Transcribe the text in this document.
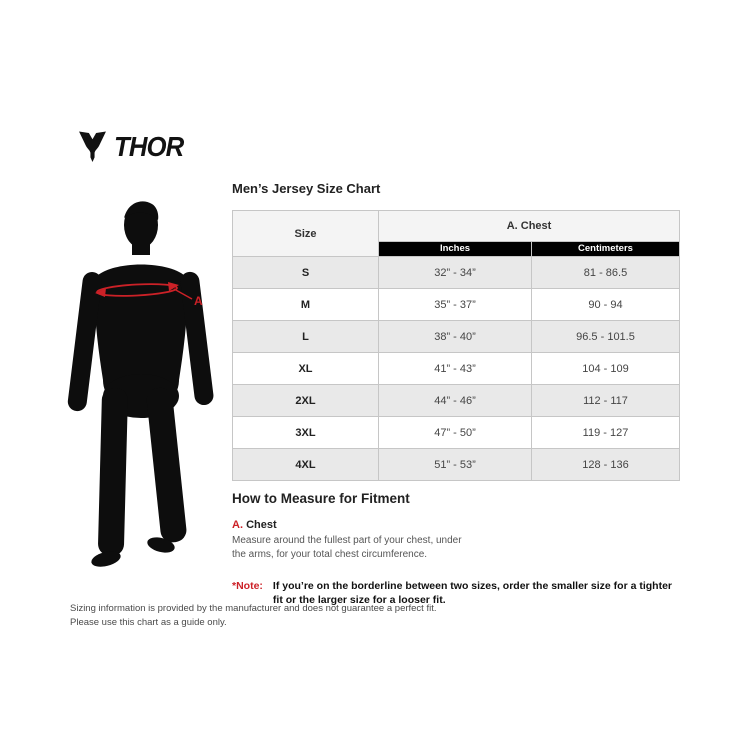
THOR
A
Men’s Jersey Size Chart
Size	A. Chest	
	Inches	Centimeters
S	32” - 34”	81 - 86.5
M	35” - 37”	90 - 94
L	38” - 40”	96.5 - 101.5
XL	41” - 43”	104 - 109
2XL	44” - 46”	112 - 117
3XL	47” - 50”	119 - 127
4XL	51” - 53”	128 - 136
How to Measure for Fitment
A. Chest

Measure around the fullest part of your chest, under the arms, for your total chest circumference.

*Note: If you’re on the borderline between two sizes, order the smaller size for a tighter fit or the larger size for a looser fit.
Sizing information is provided by the manufacturer and does not guarantee a perfect fit.
Please use this chart as a guide only.
